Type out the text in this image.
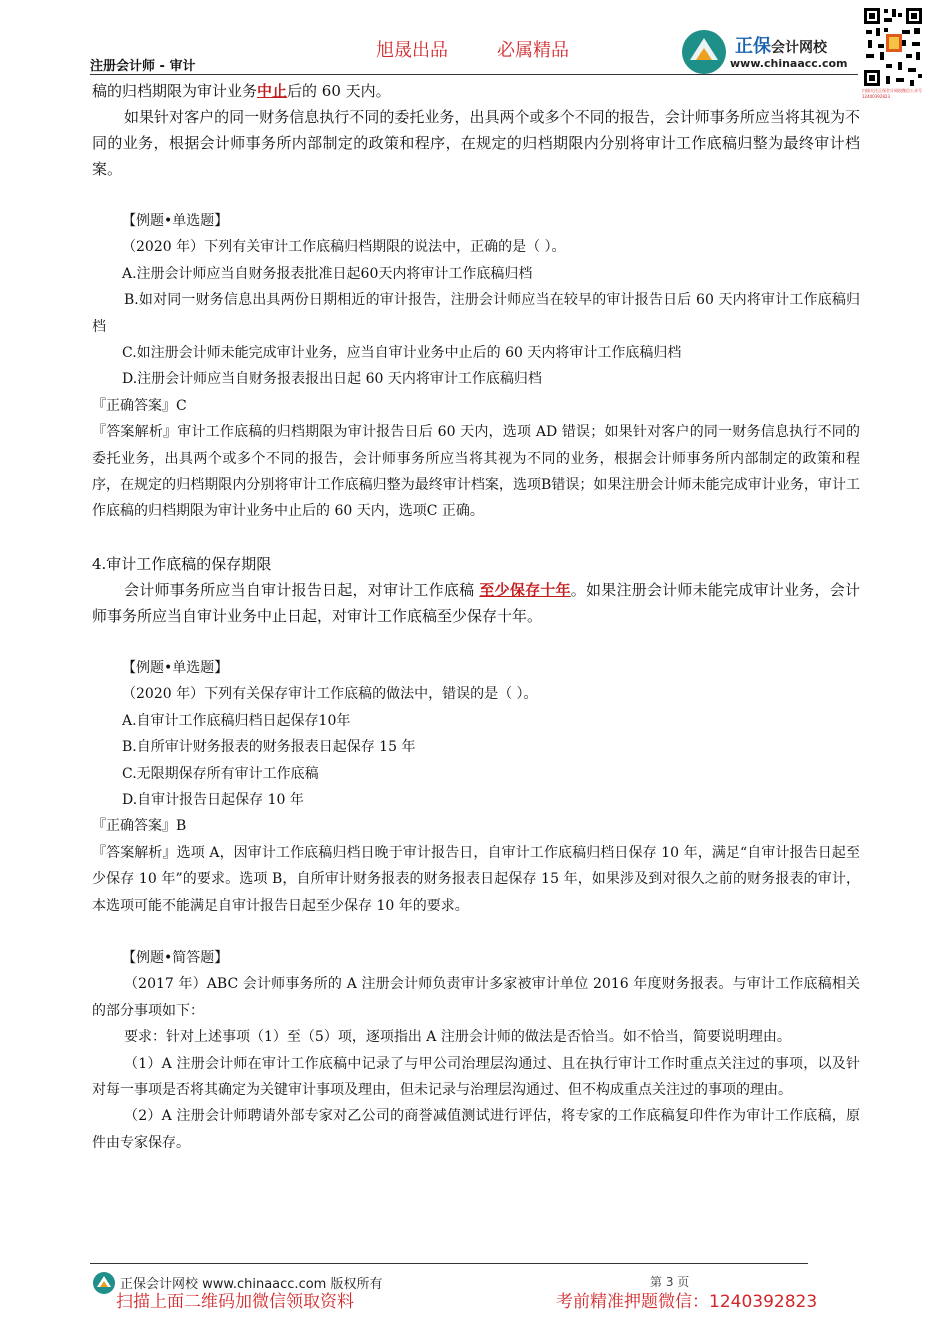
旭晟出品	必属精品
注册会计师 - 审计
正保会计网校
www.chinaacc.com
扫描关注正保会计网校微信公众号 12400392823

稿的归档期限为审计业务中止后的 60 天内。

如果针对客户的同一财务信息执行不同的委托业务，出具两个或多个不同的报告，会计师事务所应当将其视为不同的业务，根据会计师事务所内部制定的政策和程序，在规定的归档期限内分别将审计工作底稿归整为最终审计档案。

【例题•单选题】

（2020 年）下列有关审计工作底稿归档期限的说法中，正确的是（ ）。

A.注册会计师应当自财务报表批准日起60天内将审计工作底稿归档

B.如对同一财务信息出具两份日期相近的审计报告，注册会计师应当在较早的审计报告日后 60 天内将审计工作底稿归档

C.如注册会计师未能完成审计业务，应当自审计业务中止后的 60 天内将审计工作底稿归档

D.注册会计师应当自财务报表报出日起 60 天内将审计工作底稿归档

『正确答案』C

『答案解析』审计工作底稿的归档期限为审计报告日后 60 天内，选项 AD 错误；如果针对客户的同一财务信息执行不同的委托业务，出具两个或多个不同的报告，会计师事务所应当将其视为不同的业务，根据会计师事务所内部制定的政策和程序，在规定的归档期限内分别将审计工作底稿归整为最终审计档案，选项B错误；如果注册会计师未能完成审计业务，审计工作底稿的归档期限为审计业务中止后的 60 天内，选项C 正确。

4.审计工作底稿的保存期限

会计师事务所应当自审计报告日起，对审计工作底稿 至少保存十年。如果注册会计师未能完成审计业务，会计师事务所应当自审计业务中止日起，对审计工作底稿至少保存十年。

【例题•单选题】

（2020 年）下列有关保存审计工作底稿的做法中，错误的是（ ）。

A.自审计工作底稿归档日起保存10年

B.自所审计财务报表的财务报表日起保存 15 年

C.无限期保存所有审计工作底稿

D.自审计报告日起保存 10 年

『正确答案』B

『答案解析』选项 A，因审计工作底稿归档日晚于审计报告日，自审计工作底稿归档日保存 10 年，满足“自审计报告日起至少保存 10 年”的要求。选项 B，自所审计财务报表的财务报表日起保存 15 年，如果涉及到对很久之前的财务报表的审计，本选项可能不能满足自审计报告日起至少保存 10 年的要求。

【例题•简答题】

（2017 年）ABC 会计师事务所的 A 注册会计师负责审计多家被审计单位 2016 年度财务报表。与审计工作底稿相关的部分事项如下：

要求：针对上述事项（1）至（5）项，逐项指出 A 注册会计师的做法是否恰当。如不恰当，简要说明理由。

（1）A 注册会计师在审计工作底稿中记录了与甲公司治理层沟通过、且在执行审计工作时重点关注过的事项，以及针对每一事项是否将其确定为关键审计事项及理由，但未记录与治理层沟通过、但不构成重点关注过的事项的理由。

（2）A 注册会计师聘请外部专家对乙公司的商誉减值测试进行评估，将专家的工作底稿复印件作为审计工作底稿，原件由专家保存。

正保会计网校 www.chinaacc.com 版权所有	第 3 页
扫描上面二维码加微信领取资料	考前精准押题微信：1240392823
